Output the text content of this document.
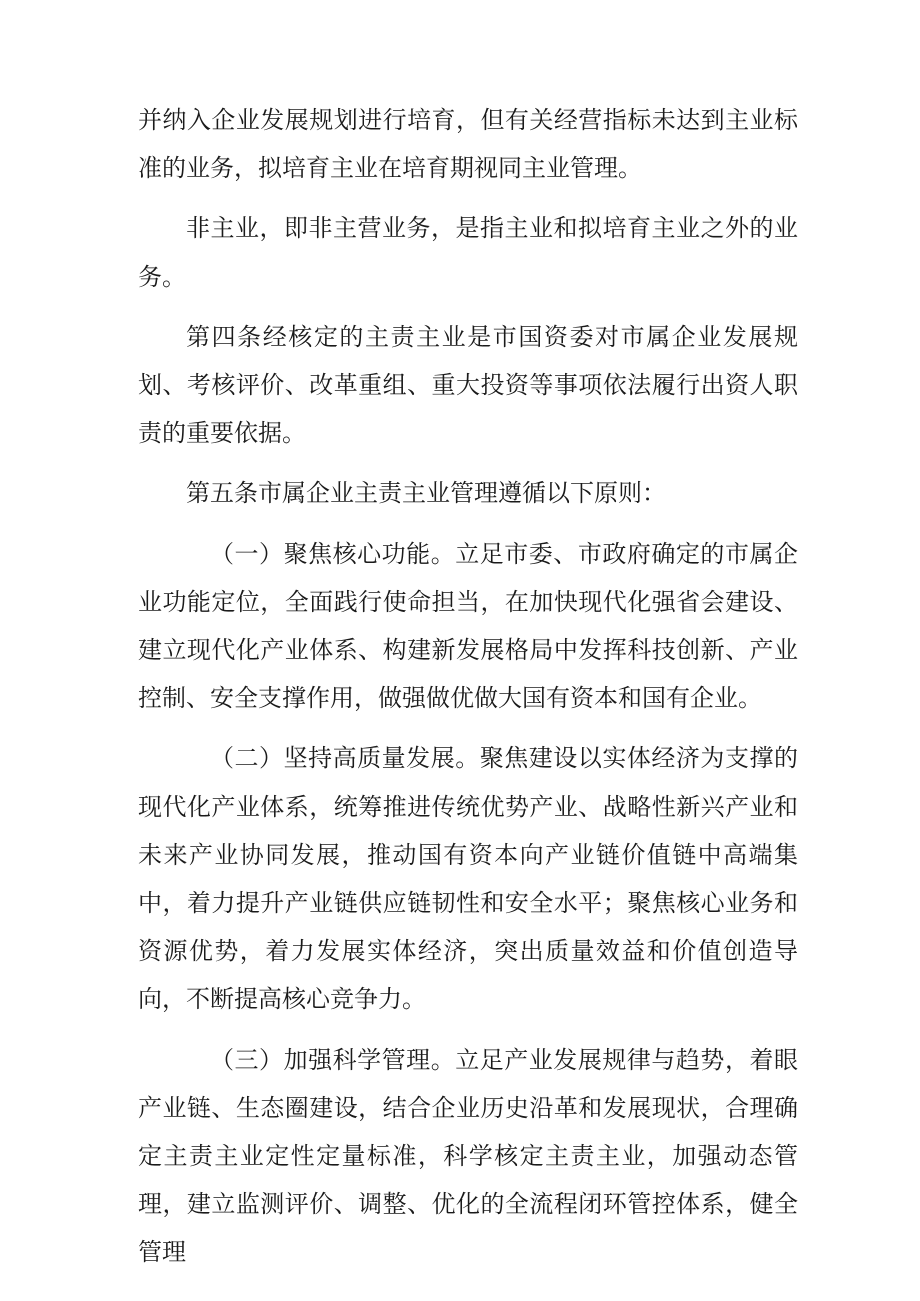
并纳入企业发展规划进行培育，但有关经营指标未达到主业标准的业务，拟培育主业在培育期视同主业管理。

非主业，即非主营业务，是指主业和拟培育主业之外的业务。

第四条经核定的主责主业是市国资委对市属企业发展规划、考核评价、改革重组、重大投资等事项依法履行出资人职责的重要依据。

第五条市属企业主责主业管理遵循以下原则：

（一）聚焦核心功能。立足市委、市政府确定的市属企业功能定位，全面践行使命担当，在加快现代化强省会建设、建立现代化产业体系、构建新发展格局中发挥科技创新、产业控制、安全支撑作用，做强做优做大国有资本和国有企业。

（二）坚持高质量发展。聚焦建设以实体经济为支撑的现代化产业体系，统筹推进传统优势产业、战略性新兴产业和未来产业协同发展，推动国有资本向产业链价值链中高端集中，着力提升产业链供应链韧性和安全水平；聚焦核心业务和资源优势，着力发展实体经济，突出质量效益和价值创造导向，不断提高核心竞争力。

（三）加强科学管理。立足产业发展规律与趋势，着眼产业链、生态圈建设，结合企业历史沿革和发展现状，合理确定主责主业定性定量标准，科学核定主责主业，加强动态管理，建立监测评价、调整、优化的全流程闭环管控体系，健全管理
